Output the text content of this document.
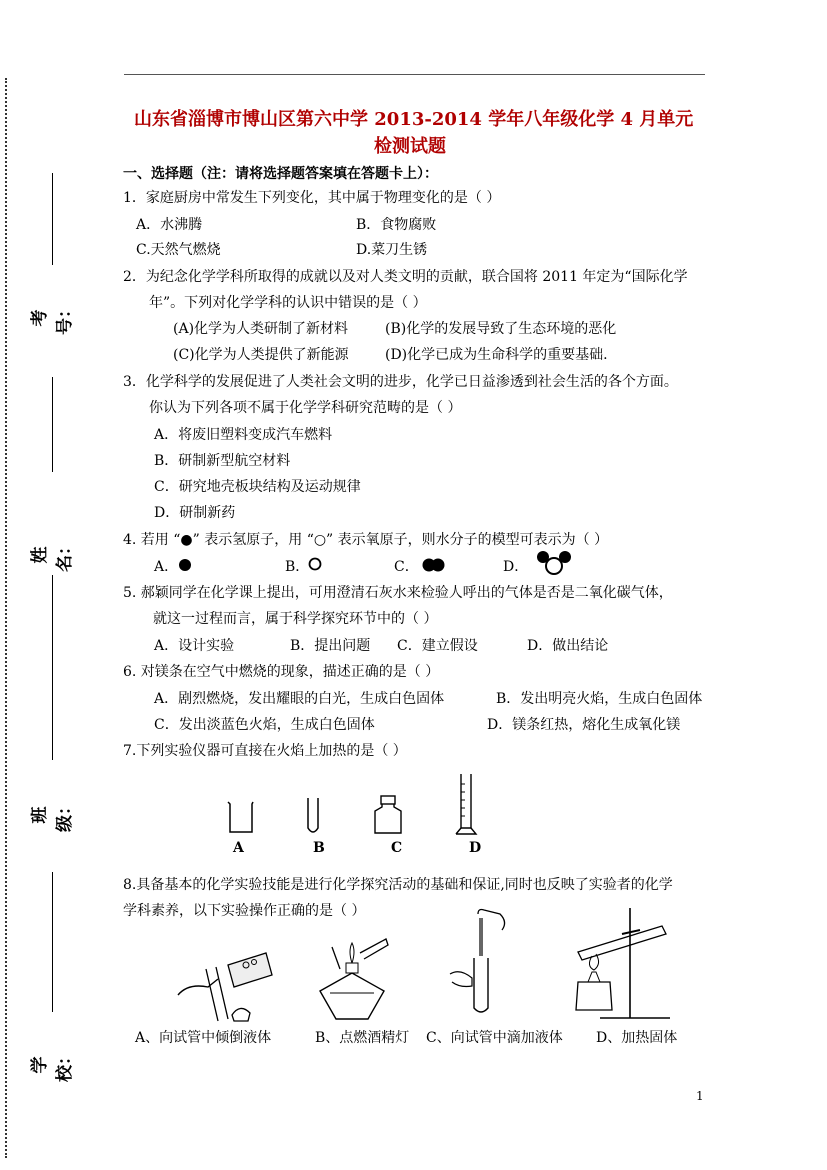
考号：
姓名：
班级：
学校：
山东省淄博市博山区第六中学 2013-2014 学年八年级化学 4 月单元
检测试题
一、选择题（注：请将选择题答案填在答题卡上）：
1．家庭厨房中常发生下列变化，其中属于物理变化的是（ ）
A．水沸腾	B．食物腐败
C.天然气燃烧	D.菜刀生锈
2．为纪念化学学科所取得的成就以及对人类文明的贡献，联合国将 2011 年定为“国际化学
年”。下列对化学学科的认识中错误的是（ ）
(A)化学为人类研制了新材料	(B)化学的发展导致了生态环境的恶化
(C)化学为人类提供了新能源	(D)化学已成为生命科学的重要基础.
3．化学科学的发展促进了人类社会文明的进步，化学已日益渗透到社会生活的各个方面。
你认为下列各项不属于化学学科研究范畴的是（ ）
A．将废旧塑料变成汽车燃料
B．研制新型航空材料
C．研究地壳板块结构及运动规律
D．研制新药
4. 若用 “●” 表示氢原子，用 “○” 表示氧原子，则水分子的模型可表示为（ ）
A．	B．	C．	D．
5. 郝颖同学在化学课上提出，可用澄清石灰水来检验人呼出的气体是否是二氧化碳气体，
就这一过程而言，属于科学探究环节中的（ ）
A．设计实验	B．提出问题 C．建立假设	D．做出结论
6. 对镁条在空气中燃烧的现象，描述正确的是（ ）
A．剧烈燃烧，发出耀眼的白光，生成白色固体	B．发出明亮火焰，生成白色固体
C．发出淡蓝色火焰，生成白色固体	D．镁条红热，熔化生成氧化镁
7.下列实验仪器可直接在火焰上加热的是（ ）
A	B	C	D
8.具备基本的化学实验技能是进行化学探究活动的基础和保证,同时也反映了实验者的化学
学科素养，以下实验操作正确的是（ ）
A、向试管中倾倒液体	B、点燃酒精灯 C、向试管中滴加液体 D、加热固体
1
